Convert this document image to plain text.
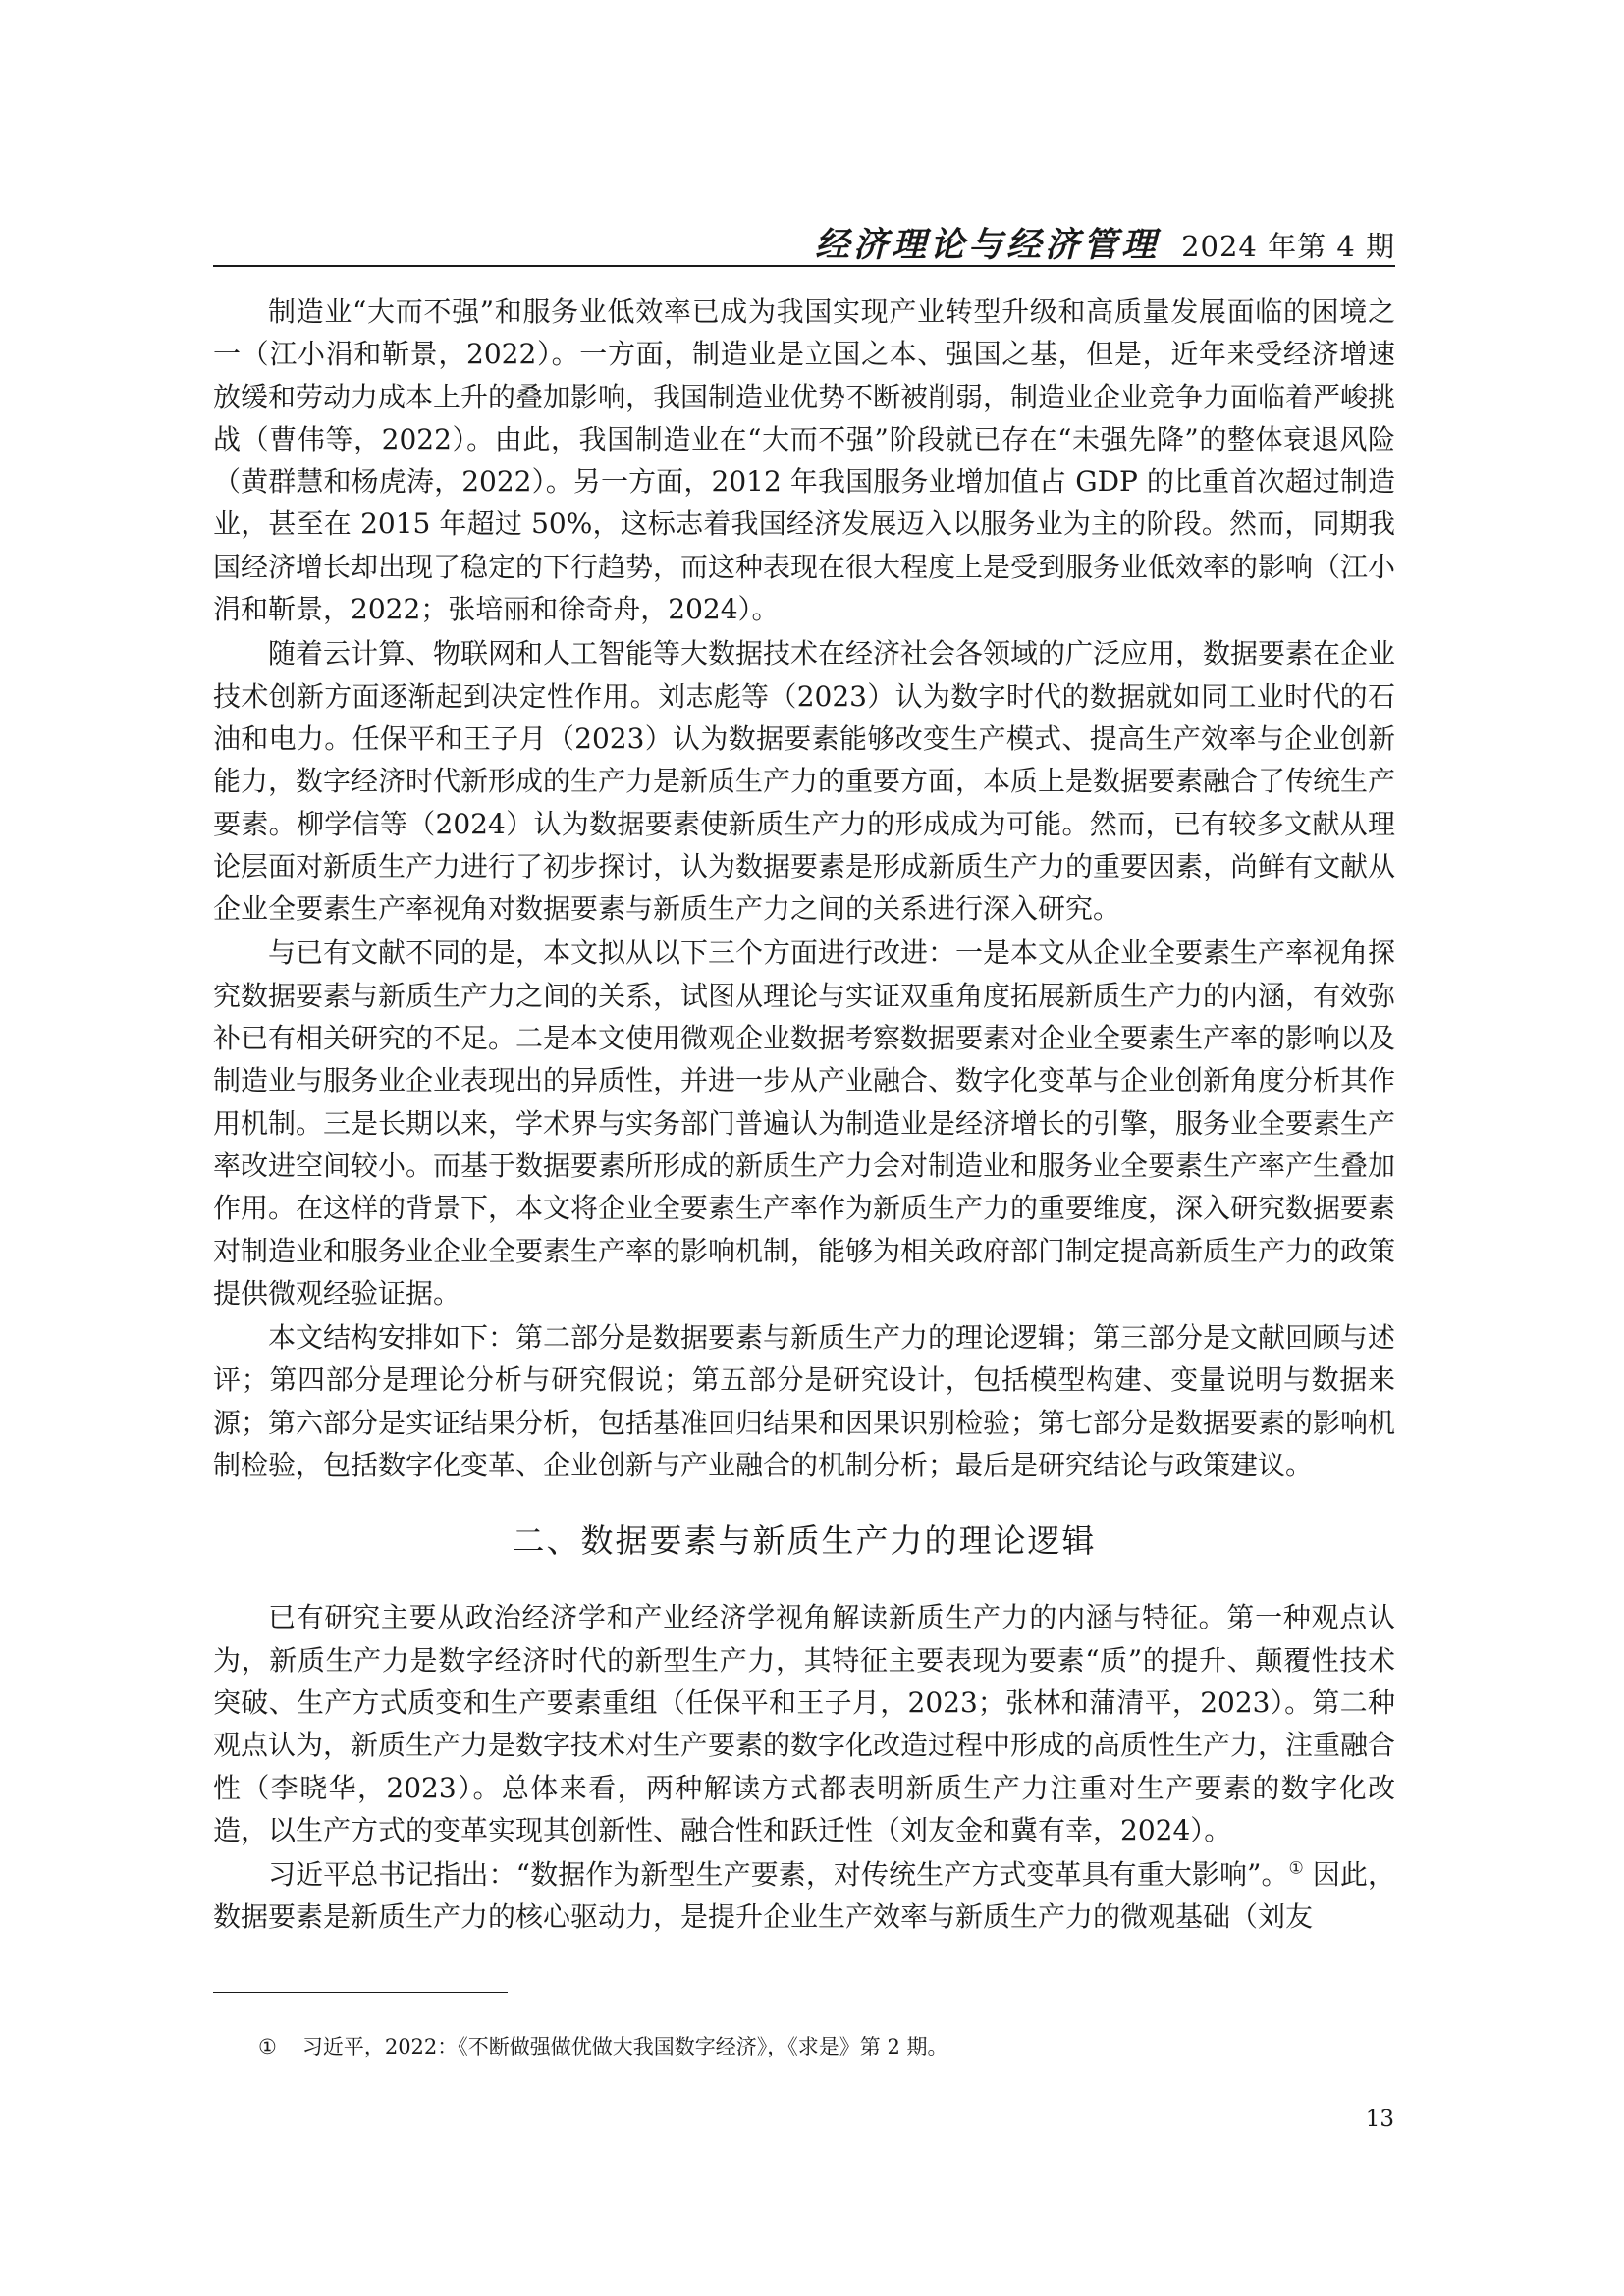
经济理论与经济管理 2024 年第 4 期

制造业“大而不强”和服务业低效率已成为我国实现产业转型升级和高质量发展面临的困境之一（江小涓和靳景，2022）。一方面，制造业是立国之本、强国之基，但是，近年来受经济增速放缓和劳动力成本上升的叠加影响，我国制造业优势不断被削弱，制造业企业竞争力面临着严峻挑战（曹伟等，2022）。由此，我国制造业在“大而不强”阶段就已存在“未强先降”的整体衰退风险（黄群慧和杨虎涛，2022）。另一方面，2012 年我国服务业增加值占 GDP 的比重首次超过制造业，甚至在 2015 年超过 50%，这标志着我国经济发展迈入以服务业为主的阶段。然而，同期我国经济增长却出现了稳定的下行趋势，而这种表现在很大程度上是受到服务业低效率的影响（江小涓和靳景，2022；张培丽和徐奇舟，2024）。

随着云计算、物联网和人工智能等大数据技术在经济社会各领域的广泛应用，数据要素在企业技术创新方面逐渐起到决定性作用。刘志彪等（2023）认为数字时代的数据就如同工业时代的石油和电力。任保平和王子月（2023）认为数据要素能够改变生产模式、提高生产效率与企业创新能力，数字经济时代新形成的生产力是新质生产力的重要方面，本质上是数据要素融合了传统生产要素。柳学信等（2024）认为数据要素使新质生产力的形成成为可能。然而，已有较多文献从理论层面对新质生产力进行了初步探讨，认为数据要素是形成新质生产力的重要因素，尚鲜有文献从企业全要素生产率视角对数据要素与新质生产力之间的关系进行深入研究。

与已有文献不同的是，本文拟从以下三个方面进行改进：一是本文从企业全要素生产率视角探究数据要素与新质生产力之间的关系，试图从理论与实证双重角度拓展新质生产力的内涵，有效弥补已有相关研究的不足。二是本文使用微观企业数据考察数据要素对企业全要素生产率的影响以及制造业与服务业企业表现出的异质性，并进一步从产业融合、数字化变革与企业创新角度分析其作用机制。三是长期以来，学术界与实务部门普遍认为制造业是经济增长的引擎，服务业全要素生产率改进空间较小。而基于数据要素所形成的新质生产力会对制造业和服务业全要素生产率产生叠加作用。在这样的背景下，本文将企业全要素生产率作为新质生产力的重要维度，深入研究数据要素对制造业和服务业企业全要素生产率的影响机制，能够为相关政府部门制定提高新质生产力的政策提供微观经验证据。

本文结构安排如下：第二部分是数据要素与新质生产力的理论逻辑；第三部分是文献回顾与述评；第四部分是理论分析与研究假说；第五部分是研究设计，包括模型构建、变量说明与数据来源；第六部分是实证结果分析，包括基准回归结果和因果识别检验；第七部分是数据要素的影响机制检验，包括数字化变革、企业创新与产业融合的机制分析；最后是研究结论与政策建议。

二、数据要素与新质生产力的理论逻辑

已有研究主要从政治经济学和产业经济学视角解读新质生产力的内涵与特征。第一种观点认为，新质生产力是数字经济时代的新型生产力，其特征主要表现为要素“质”的提升、颠覆性技术突破、生产方式质变和生产要素重组（任保平和王子月，2023；张林和蒲清平，2023）。第二种观点认为，新质生产力是数字技术对生产要素的数字化改造过程中形成的高质性生产力，注重融合性（李晓华，2023）。总体来看，两种解读方式都表明新质生产力注重对生产要素的数字化改造，以生产方式的变革实现其创新性、融合性和跃迁性（刘友金和冀有幸，2024）。

习近平总书记指出：“数据作为新型生产要素，对传统生产方式变革具有重大影响”。① 因此，数据要素是新质生产力的核心驱动力，是提升企业生产效率与新质生产力的微观基础（刘友

① 习近平，2022：《不断做强做优做大我国数字经济》，《求是》第 2 期。
13
